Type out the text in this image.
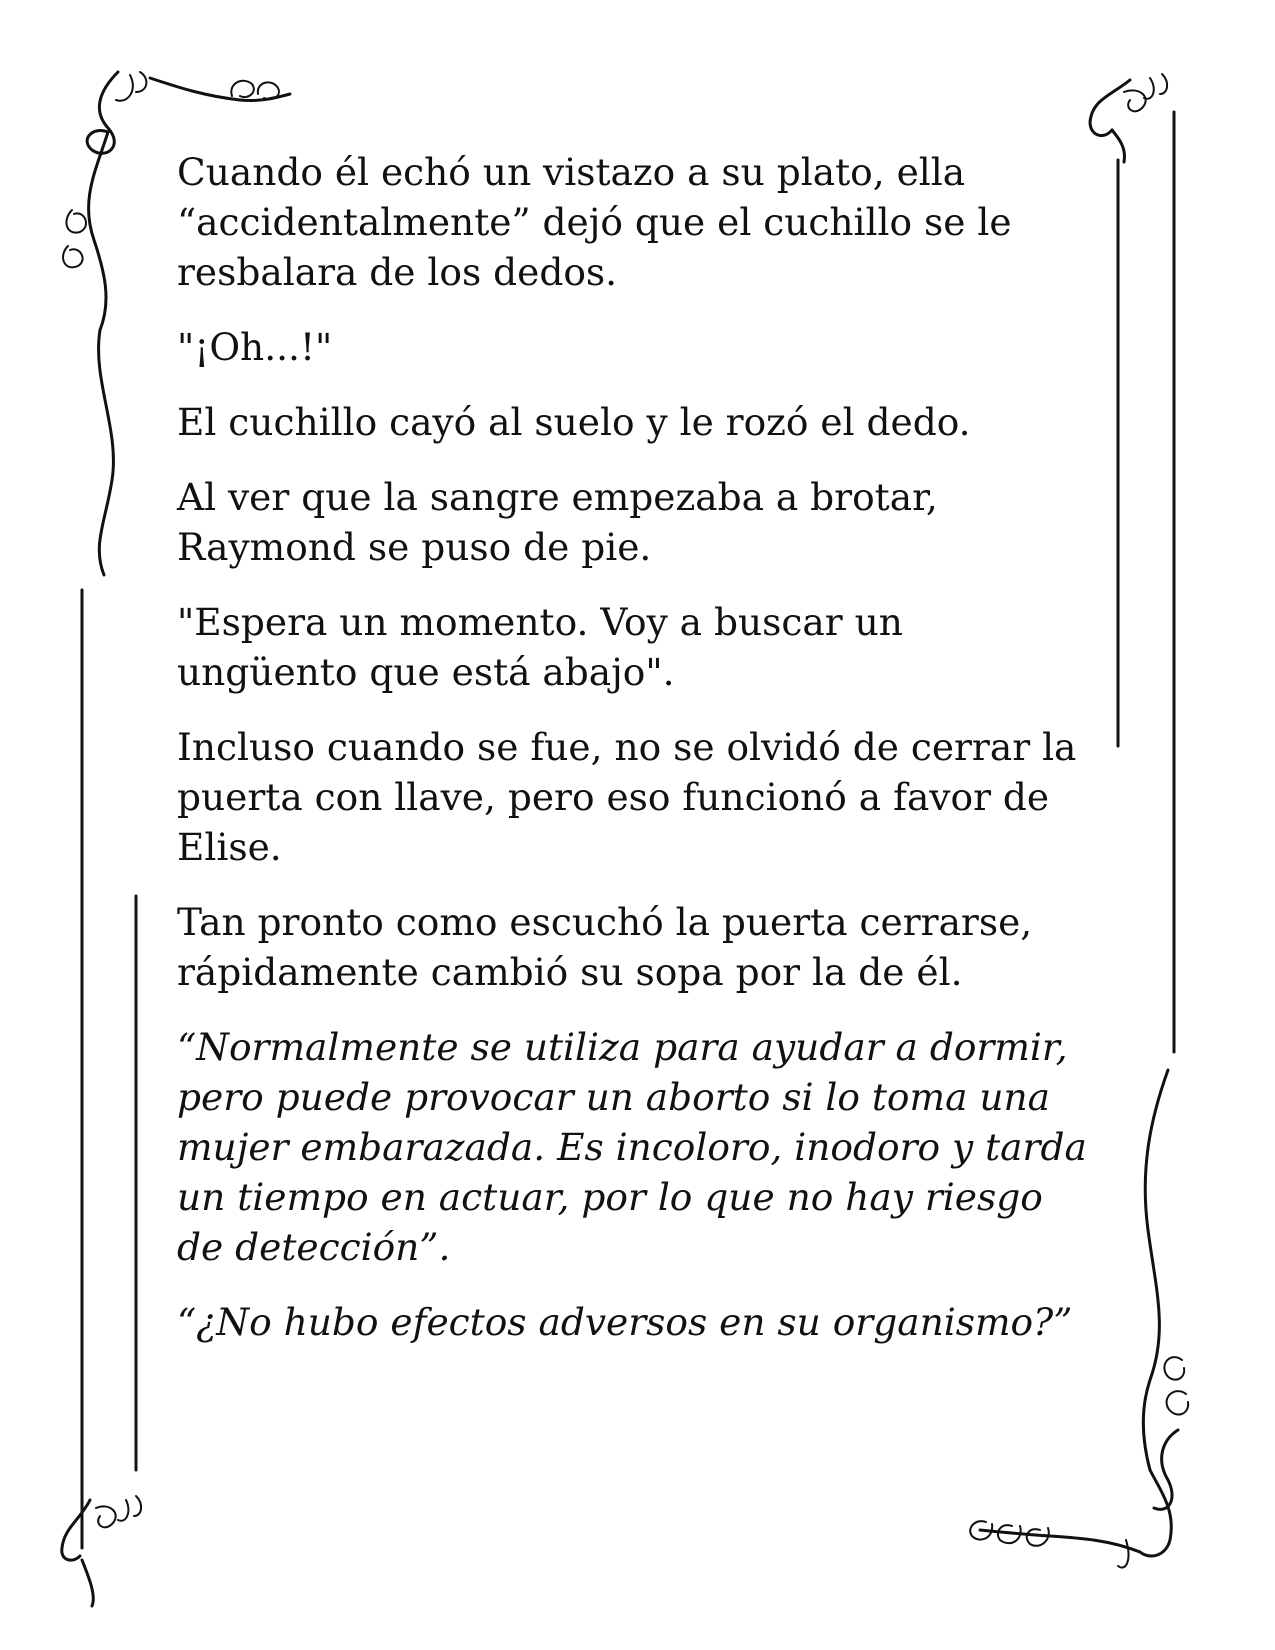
Cuando él echó un vistazo a su plato, ella
“accidentalmente” dejó que el cuchillo se le
resbalara de los dedos.

"¡Oh...!"

El cuchillo cayó al suelo y le rozó el dedo.

Al ver que la sangre empezaba a brotar,
Raymond se puso de pie.

"Espera un momento. Voy a buscar un
ungüento que está abajo".

Incluso cuando se fue, no se olvidó de cerrar la
puerta con llave, pero eso funcionó a favor de
Elise.

Tan pronto como escuchó la puerta cerrarse,
rápidamente cambió su sopa por la de él.

“Normalmente se utiliza para ayudar a dormir,
pero puede provocar un aborto si lo toma una
mujer embarazada. Es incoloro, inodoro y tarda
un tiempo en actuar, por lo que no hay riesgo
de detección”.

“¿No hubo efectos adversos en su organismo?”
